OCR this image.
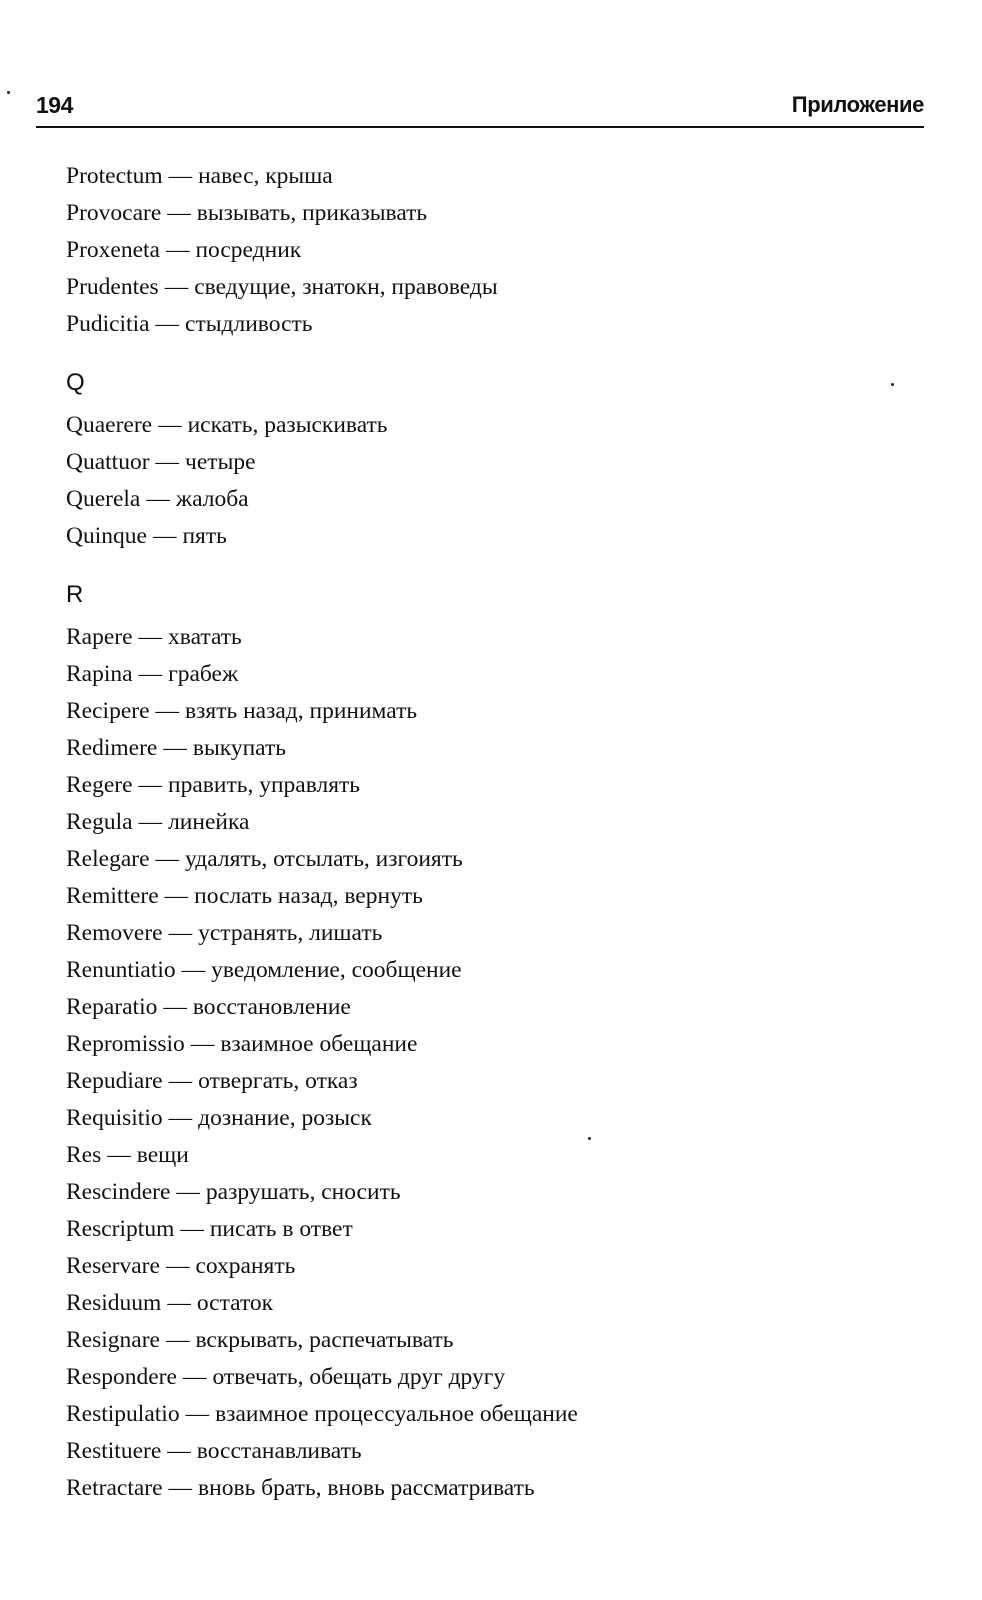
194	Приложение
Protectum — навес, крыша
Provocare — вызывать, приказывать
Proxeneta — посредник
Prudentes — сведущие, знатокн, правоведы
Pudicitia — стыдливость
Q
Quaerere — искать, разыскивать
Quattuor — четыре
Querela — жалоба
Quinque — пять
R
Rapere — хватать
Rapina — грабеж
Recipere — взять назад, принимать
Redimere — выкупать
Regere — править, управлять
Regula — линейка
Relegare — удалять, отсылать, изгоиять
Remittere — послать назад, вернуть
Removere — устранять, лишать
Renuntiatio — уведомление, сообщение
Reparatio — восстановление
Repromissio — взаимное обещание
Repudiare — отвергать, отказ
Requisitio — дознание, розыск
Res — вещи
Rescindere — разрушать, сносить
Rescriptum — писать в ответ
Reservare — сохранять
Residuum — остаток
Resignare — вскрывать, распечатывать
Respondere — отвечать, обещать друг другу
Restipulatio — взаимное процессуальное обещание
Restituere — восстанавливать
Retractare — вновь брать, вновь рассматривать
